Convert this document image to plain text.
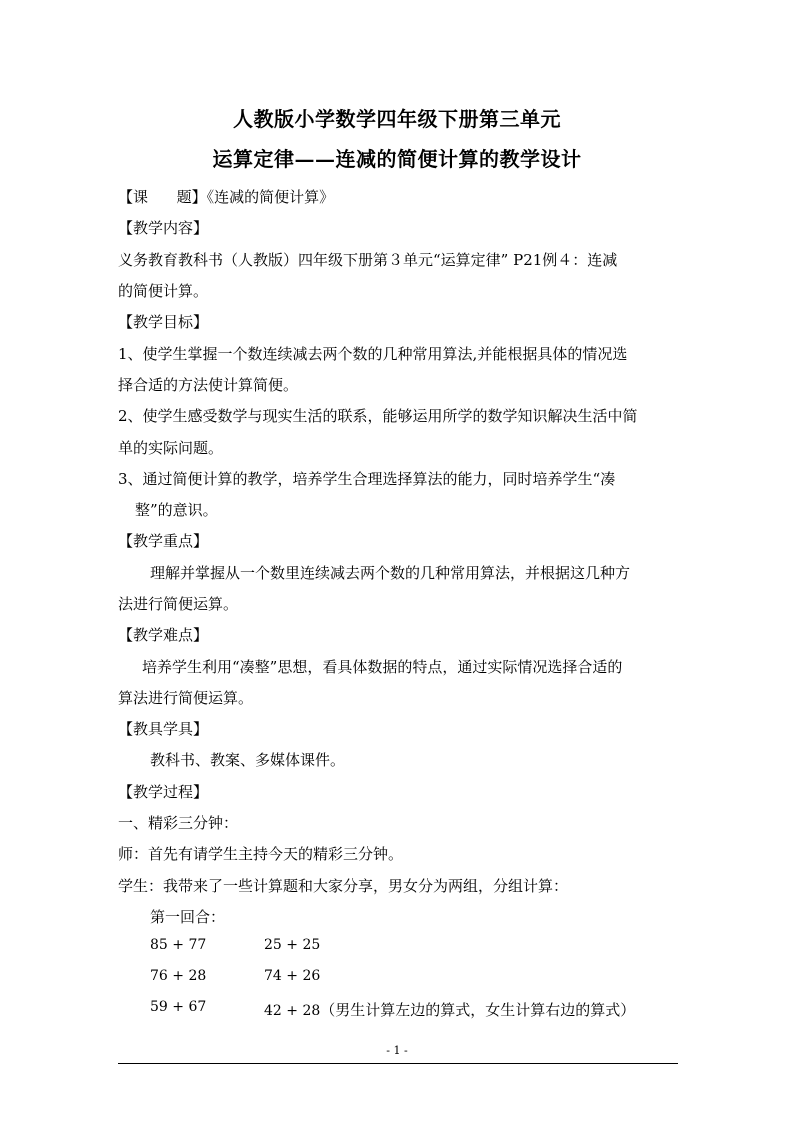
人教版小学数学四年级下册第三单元
运算定律——连减的简便计算的教学设计
【课      题】《连减的简便计算》
【教学内容】
义务教育教科书（人教版）四年级下册第３单元“运算定律” P21例４：连减
的简便计算。
【教学目标】
1、使学生掌握一个数连续减去两个数的几种常用算法,并能根据具体的情况选
择合适的方法使计算简便。
2、使学生感受数学与现实生活的联系，能够运用所学的数学知识解决生活中简
单的实际问题。
3、通过简便计算的教学，培养学生合理选择算法的能力，同时培养学生“凑
整”的意识。
【教学重点】
理解并掌握从一个数里连续减去两个数的几种常用算法，并根据这几种方
法进行简便运算。
【教学难点】
培养学生利用“凑整”思想，看具体数据的特点，通过实际情况选择合适的
算法进行简便运算。
【教具学具】
教科书、教案、多媒体课件。
【教学过程】
一、精彩三分钟：
师：首先有请学生主持今天的精彩三分钟。
学生：我带来了一些计算题和大家分享，男女分为两组，分组计算：
第一回合：
85 + 77	25 + 25
76 + 28	74 + 26
59 + 67	42 + 28（男生计算左边的算式，女生计算右边的算式）
- 1 -
